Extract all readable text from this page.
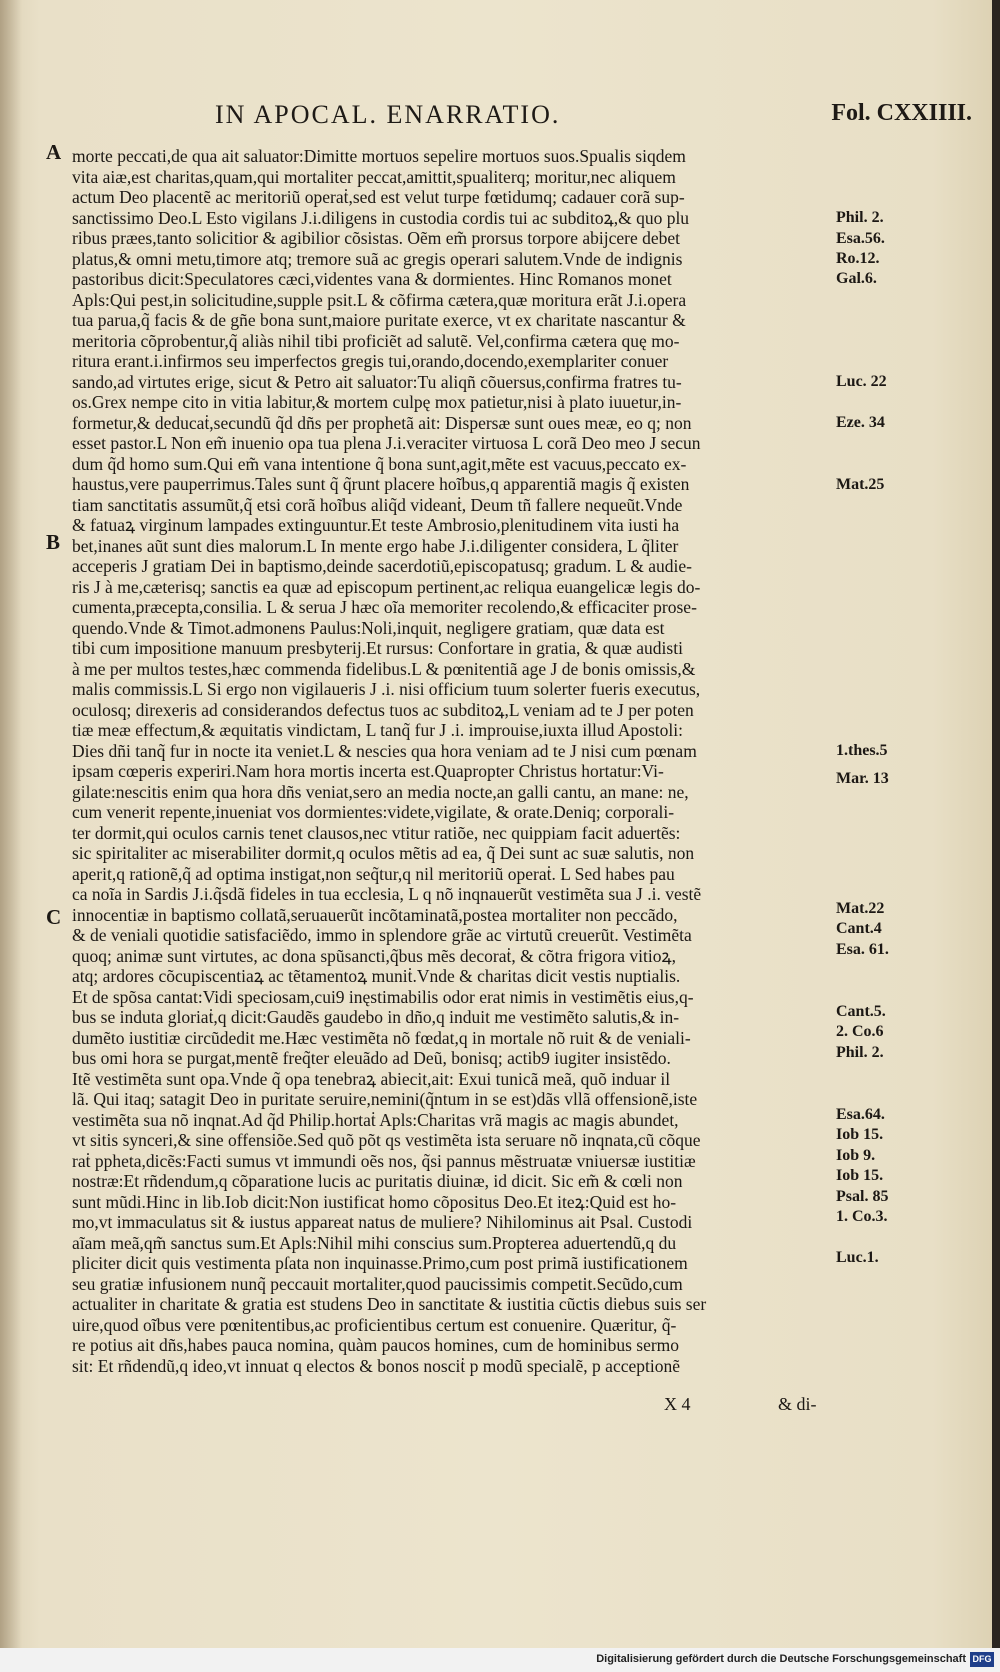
IN APOCAL. ENARRATIO.	Fol. CXXIIII.
A
B
C
morte peccati,de qua ait saluator:Dimitte mortuos sepelire mortuos suos.Spualis siqdem
vita aiæ,est charitas,quam,qui mortaliter peccat,amittit,spualiterq; moritur,nec aliquem
actum Deo placentẽ ac meritoriũ operaṫ,sed est velut turpe fœtidumq; cadauer corã sup-
sanctissimo Deo.L Esto vigilans J.i.diligens in custodia cordis tui ac subditoꝝ,& quo plu
ribus præes,tanto solicitior & agibilior cõsistas. Oẽm em̃ prorsus torpore abijcere debet
platus,& omni metu,timore atq; tremore suã ac gregis operari salutem.Vnde de indignis
pastoribus dicit:Speculatores cæci,videntes vana & dormientes. Hinc Romanos monet
Apls:Qui pest,in solicitudine,supple psit.L & cõfirma cætera,quæ moritura erãt J.i.opera
tua parua,q̃ facis & de gñe bona sunt,maiore puritate exerce, vt ex charitate nascantur &
meritoria cõprobentur,q̃ aliàs nihil tibi proficiẽt ad salutẽ. Vel,confirma cætera quę mo-
ritura erant.i.infirmos seu imperfectos gregis tui,orando,docendo,exemplariter conuer
sando,ad virtutes erige, sicut & Petro ait saluator:Tu aliqñ cõuersus,confirma fratres tu-
os.Grex nempe cito in vitia labitur,& mortem culpę mox patietur,nisi à plato iuuetur,in-
formetur,& deducaṫ,secundũ q̃d dñs per prophetã ait: Dispersæ sunt oues meæ, eo q; non
esset pastor.L Non em̃ inuenio opa tua plena J.i.veraciter virtuosa L corã Deo meo J secun
dum q̃d homo sum.Qui em̃ vana intentione q̃ bona sunt,agit,mẽte est vacuus,peccato ex-
haustus,vere pauperrimus.Tales sunt q̃ q̃runt placere hoĩbus,q apparentiã magis q̃ existen
tiam sanctitatis assumũt,q̃ etsi corã hoĩbus aliq̃d videanṫ, Deum tñ fallere nequeũt.Vnde
& fatuaꝝ virginum lampades extinguuntur.Et teste Ambrosio,plenitudinem vita iusti ha
bet,inanes aũt sunt dies malorum.L In mente ergo habe J.i.diligenter considera, L q̃liter
acceperis J gratiam Dei in baptismo,deinde sacerdotiũ,episcopatusq; gradum. L & audie-
ris J à me,cæterisq; sanctis ea quæ ad episcopum pertinent,ac reliqua euangelicæ legis do-
cumenta,præcepta,consilia. L & serua J hæc oĩa memoriter recolendo,& efficaciter prose-
quendo.Vnde & Timot.admonens Paulus:Noli,inquit, negligere gratiam, quæ data est
tibi cum impositione manuum presbyterij.Et rursus: Confortare in gratia, & quæ audisti
à me per multos testes,hæc commenda fidelibus.L & pœnitentiã age J de bonis omissis,&
malis commissis.L Si ergo non vigilaueris J .i. nisi officium tuum solerter fueris executus,
oculosq; direxeris ad considerandos defectus tuos ac subditoꝝ,L veniam ad te J per poten
tiæ meæ effectum,& æquitatis vindictam, L tanq̃ fur J .i. improuise,iuxta illud Apostoli:
Dies dñi tanq̃ fur in nocte ita veniet.L & nescies qua hora veniam ad te J nisi cum pœnam
ipsam cœperis experiri.Nam hora mortis incerta est.Quapropter Christus hortatur:Vi-
gilate:nescitis enim qua hora dñs veniat,sero an media nocte,an galli cantu, an mane: ne,
cum venerit repente,inueniat vos dormientes:videte,vigilate, & orate.Deniq; corporali-
ter dormit,qui oculos carnis tenet clausos,nec vtitur ratiõe, nec quippiam facit aduertẽs:
sic spiritaliter ac miserabiliter dormit,q oculos mẽtis ad ea, q̃ Dei sunt ac suæ salutis, non
aperit,q rationẽ,q̃ ad optima instigat,non seq̃tur,q nil meritoriũ operaṫ. L Sed habes pau
ca noĩa in Sardis J.i.q̃sdã fideles in tua ecclesia, L q nõ inqnauerũt vestimẽta sua J .i. vestẽ
innocentiæ in baptismo collatã,seruauerũt incõtaminatã,postea mortaliter non peccãdo,
& de veniali quotidie satisfaciẽdo, immo in splendore grãe ac virtutũ creuerũt. Vestimẽta
quoq; animæ sunt virtutes, ac dona spũsancti,q̃bus mẽs decoraṫ, & cõtra frigora vitioꝝ,
atq; ardores cõcupiscentiaꝝ ac tẽtamentoꝝ muniṫ.Vnde & charitas dicit vestis nuptialis.
Et de spõsa cantat:Vidi speciosam,cui9 inęstimabilis odor erat nimis in vestimẽtis eius,q-
bus se induta gloriaṫ,q dicit:Gaudẽs gaudebo in dño,q induit me vestimẽto salutis,& in-
dumẽto iustitiæ circũdedit me.Hæc vestimẽta nõ fœdat,q in mortale nõ ruit & de veniali-
bus omi hora se purgat,mentẽ freq̃ter eleuãdo ad Deũ, bonisq; actib9 iugiter insistẽdo.
Itẽ vestimẽta sunt opa.Vnde q̃ opa tenebraꝝ abiecit,ait: Exui tunicã meã, quõ induar il
lã. Qui itaq; satagit Deo in puritate seruire,nemini(q̃ntum in se est)dãs vllã offensionẽ,iste
vestimẽta sua nõ inqnat.Ad q̃d Philip.hortaṫ Apls:Charitas vrã magis ac magis abundet,
vt sitis synceri,& sine offensiõe.Sed quõ põt qs vestimẽta ista seruare nõ inqnata,cũ cõque
raṫ ppheta,dicẽs:Facti sumus vt immundi oẽs nos, q̃si pannus mẽstruatæ vniuersæ iustitiæ
nostræ:Et rñdendum,q cõparatione lucis ac puritatis diuinæ, id dicit. Sic em̃ & cœli non
sunt mũdi.Hinc in lib.Iob dicit:Non iustificat homo cõpositus Deo.Et iteꝝ:Quid est ho-
mo,vt immaculatus sit & iustus appareat natus de muliere? Nihilominus ait Psal. Custodi
aĩam meã,qm̃ sanctus sum.Et Apls:Nihil mihi conscius sum.Propterea aduertendũ,q du
pliciter dicit quis vestimenta pſata non inquinasse.Primo,cum post primã iustificationem
seu gratiæ infusionem nunq̃ peccauit mortaliter,quod paucissimis competit.Secũdo,cum
actualiter in charitate & gratia est studens Deo in sanctitate & iustitia cũctis diebus suis ser
uire,quod oĩbus vere pœnitentibus,ac proficientibus certum est conuenire. Quæritur, q̃-
re potius ait dñs,habes pauca nomina, quàm paucos homines, cum de hominibus sermo
sit: Et rñdendũ,q ideo,vt innuat q electos & bonos nosciṫ p modũ specialẽ, p acceptionẽ
Phil. 2.
Esa.56.
Ro.12.
Gal.6.
Luc. 22
Eze. 34
Mat.25
1.thes.5
Mar. 13
Mat.22
Cant.4
Esa. 61.
Cant.5.
2. Co.6
Phil. 2.
Esa.64.
Iob 15.
Iob 9.
Iob 15.
Psal. 85
1. Co.3.
Luc.1.
X 4	& di-
Digitalisierung gefördert durch die Deutsche Forschungsgemeinschaft DFG
